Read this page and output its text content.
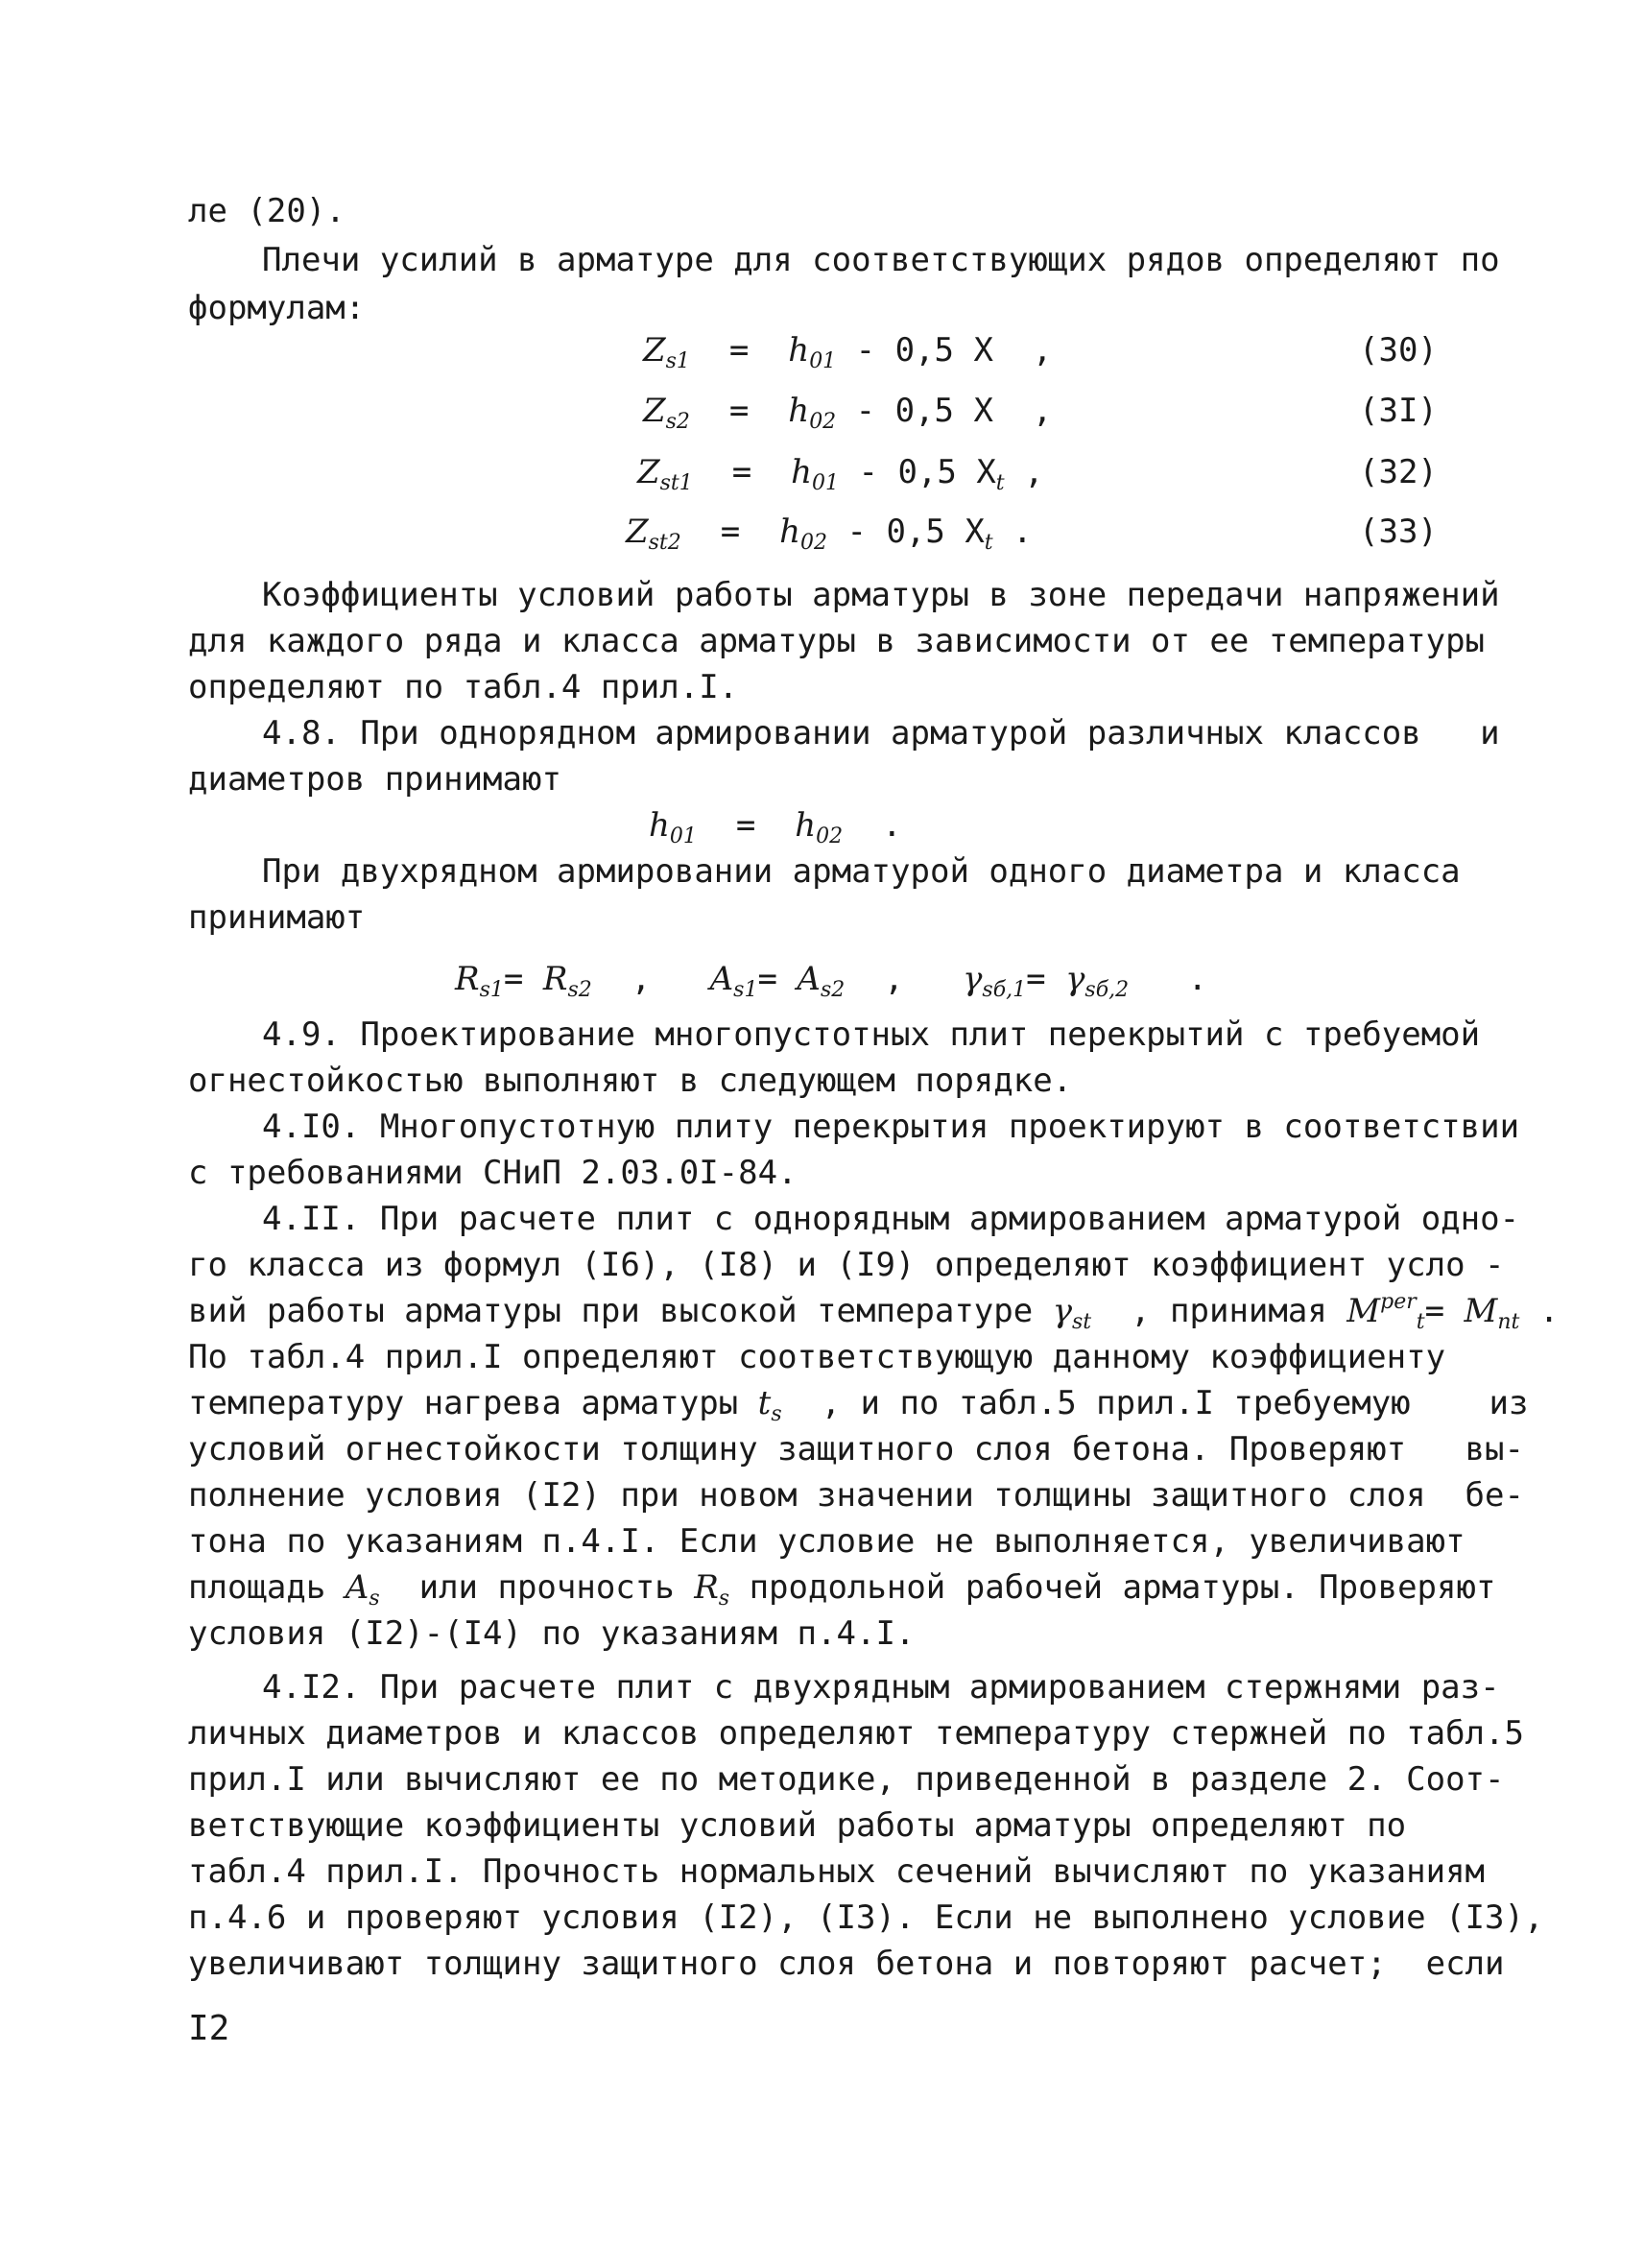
ле (20).
Плечи усилий в арматуре для соответствующих рядов определяют по
формулам:
$Z_{s1} = h_{01} - 0,5$ X  ,	(30)
$Z_{s2} = h_{02} - 0,5$ X  ,	(3I)
$Z_{st1} = h_{01} - 0,5$ $X_t$ ,	(32)
$Z_{st2} = h_{02} - 0,5$ $X_t$ .	(33)
Коэффициенты условий работы арматуры в зоне передачи напряжений
для каждого ряда и класса арматуры в зависимости от ее температуры
определяют по табл.4 прил.I.
4.8. При однорядном армировании арматурой различных классов   и
диаметров принимают
$h_{01} = h_{02}$  .
При двухрядном армировании арматурой одного диаметра и класса
принимают
$R_{s1}= R_{s2}$  ,   $A_{s1}= A_{s2}$  ,   $\gamma_{sб,1}= \gamma_{sб,2}$   .
4.9. Проектирование многопустотных плит перекрытий с требуемой
огнестойкостью выполняют в следующем порядке.
4.I0. Многопустотную плиту перекрытия проектируют в соответствии
с требованиями СНиП 2.03.0I-84.
4.II. При расчете плит с однорядным армированием арматурой одно-
го класса из формул (I6), (I8) и (I9) определяют коэффициент усло -
вий работы арматуры при высокой температуре $\gamma_{st}$ , принимая $M^{per}_t= M_{nt}$ .
По табл.4 прил.I определяют соответствующую данному коэффициенту
температуру нагрева арматуры $t_s$ , и по табл.5 прил.I требуемую    из
условий огнестойкости толщину защитного слоя бетона. Проверяют   вы-
полнение условия (I2) при новом значении толщины защитного слоя  бе-
тона по указаниям п.4.I. Если условие не выполняется, увеличивают
площадь $A_s$ или прочность $R_s$ продольной рабочей арматуры. Проверяют
условия (I2)-(I4) по указаниям п.4.I.
4.I2. При расчете плит с двухрядным армированием стержнями раз-
личных диаметров и классов определяют температуру стержней по табл.5
прил.I или вычисляют ее по методике, приведенной в разделе 2. Соот-
ветствующие коэффициенты условий работы арматуры определяют по
табл.4 прил.I. Прочность нормальных сечений вычисляют по указаниям
п.4.6 и проверяют условия (I2), (I3). Если не выполнено условие (I3),
увеличивают толщину защитного слоя бетона и повторяют расчет;  если
I2
